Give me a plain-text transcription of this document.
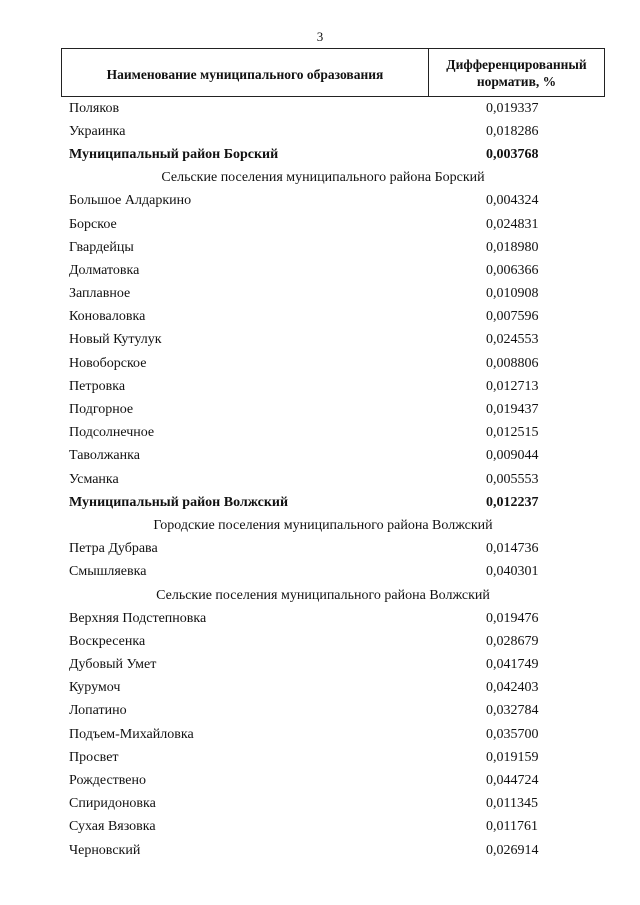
3
Наименование муниципального образования
Дифференцированный
норматив, %
Поляков	0,019337
Украинка	0,018286
Муниципальный район Борский	0,003768
Сельские поселения муниципального района Борский
Большое Алдаркино	0,004324
Борское	0,024831
Гвардейцы	0,018980
Долматовка	0,006366
Заплавное	0,010908
Коноваловка	0,007596
Новый Кутулук	0,024553
Новоборское	0,008806
Петровка	0,012713
Подгорное	0,019437
Подсолнечное	0,012515
Таволжанка	0,009044
Усманка	0,005553
Муниципальный район Волжский	0,012237
Городские поселения муниципального района Волжский
Петра Дубрава	0,014736
Смышляевка	0,040301
Сельские поселения муниципального района Волжский
Верхняя Подстепновка	0,019476
Воскресенка	0,028679
Дубовый Умет	0,041749
Курумоч	0,042403
Лопатино	0,032784
Подъем-Михайловка	0,035700
Просвет	0,019159
Рождествено	0,044724
Спиридоновка	0,011345
Сухая Вязовка	0,011761
Черновский	0,026914
